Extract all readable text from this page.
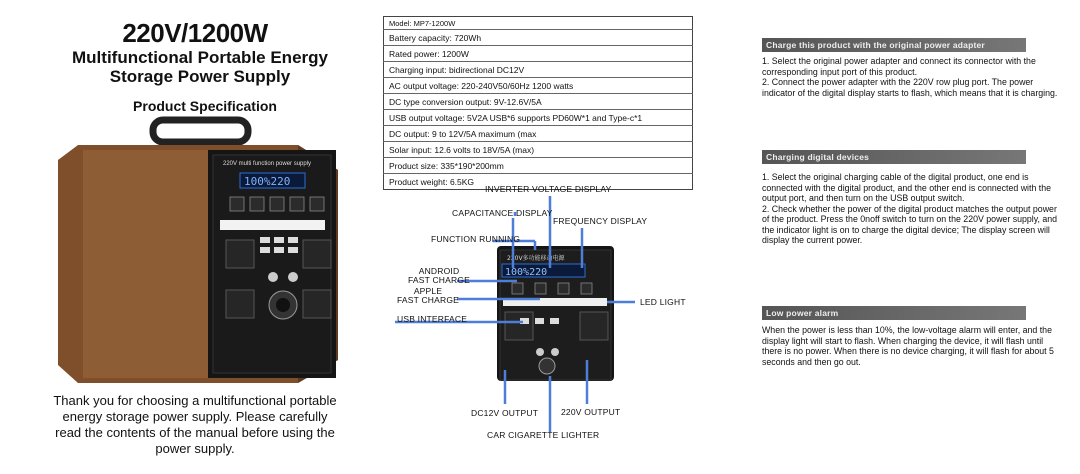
220V/1200W
Multifunctional Portable Energy
Storage Power Supply
Product Specification
220V multi function power supply
100%220
Thank you for choosing a multifunctional portable
energy storage power supply. Please carefully
read the contents of the manual before using the
power supply.
Model: MP7-1200W
Battery capacity: 720Wh
Rated power: 1200W
Charging input: bidirectional DC12V
AC output voltage: 220-240V50/60Hz 1200 watts
DC type conversion output: 9V-12.6V/5A
USB output voltage: 5V2A USB*6 supports PD60W*1 and Type-c*1
DC output: 9 to 12V/5A maximum (max
Solar input: 12.6 volts to 18V/5A (max)
Product size: 335*190*200mm
Product weight: 6.5KG
220V多功能移动电源
100%220
INVERTER VOLTAGE DISPLAY
CAPACITANCE DISPLAY
FREQUENCY DISPLAY
FUNCTION RUNNING
ANDROID
FAST CHARGE
APPLE
FAST CHARGE
USB INTERFACE
LED LIGHT
DC12V OUTPUT	220V OUTPUT
CAR CIGARETTE LIGHTER
Charge this product with the original power adapter

1. Select the original power adapter and connect its connector with the corresponding input port of this product.

2. Connect the power adapter with the 220V row plug port. The power indicator of the digital display starts to flash, which means that it is charging.

Charging digital devices

1. Select the original charging cable of the digital product, one end is connected with the digital product, and the other end is connected with the output port, and then turn on the USB output switch.

2. Check whether the power of the digital product matches the output power of the product. Press the 0noff switch to turn on the 220V power supply, and the indicator light is on to charge the digital device; The display screen will display the current power.

Low power alarm

When the power is less than 10%, the low-voltage alarm will enter, and the display light will start to flash. When charging the device, it will flash until there is no power. When there is no device charging, it will flash for about 5 seconds and then go out.
